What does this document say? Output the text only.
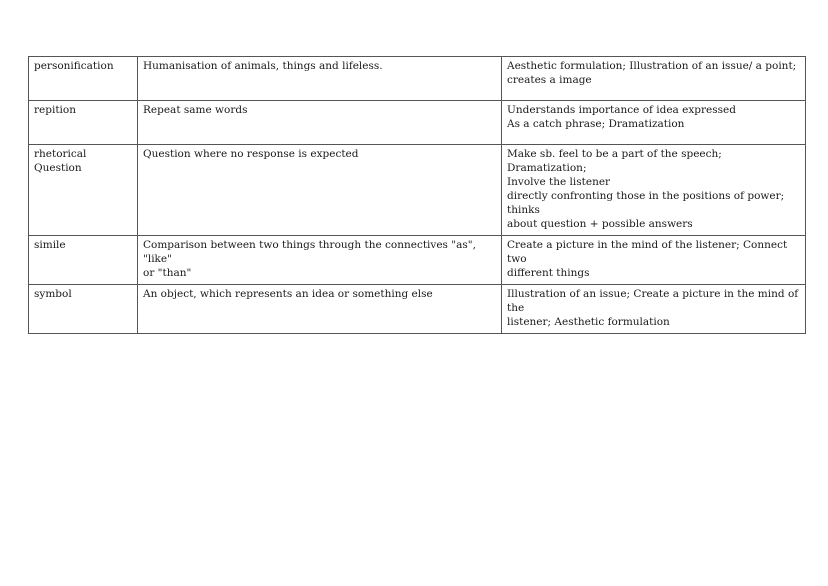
personification	Humanisation of animals, things and lifeless.	Aesthetic formulation; Illustration of an issue/ a point;
creates a image

repition	Repeat same words	Understands importance of idea expressed
As a catch phrase; Dramatization

rhetorical Question	Question where no response is expected	Make sb. feel to be a part of the speech; Dramatization;
Involve the listener
directly confronting those in the positions of power; thinks
about question + possible answers

simile	Comparison between two things through the connectives "as", "like"
or "than"	Create a picture in the mind of the listener; Connect two
different things

symbol	An object, which represents an idea or something else	Illustration of an issue; Create a picture in the mind of the
listener; Aesthetic formulation
